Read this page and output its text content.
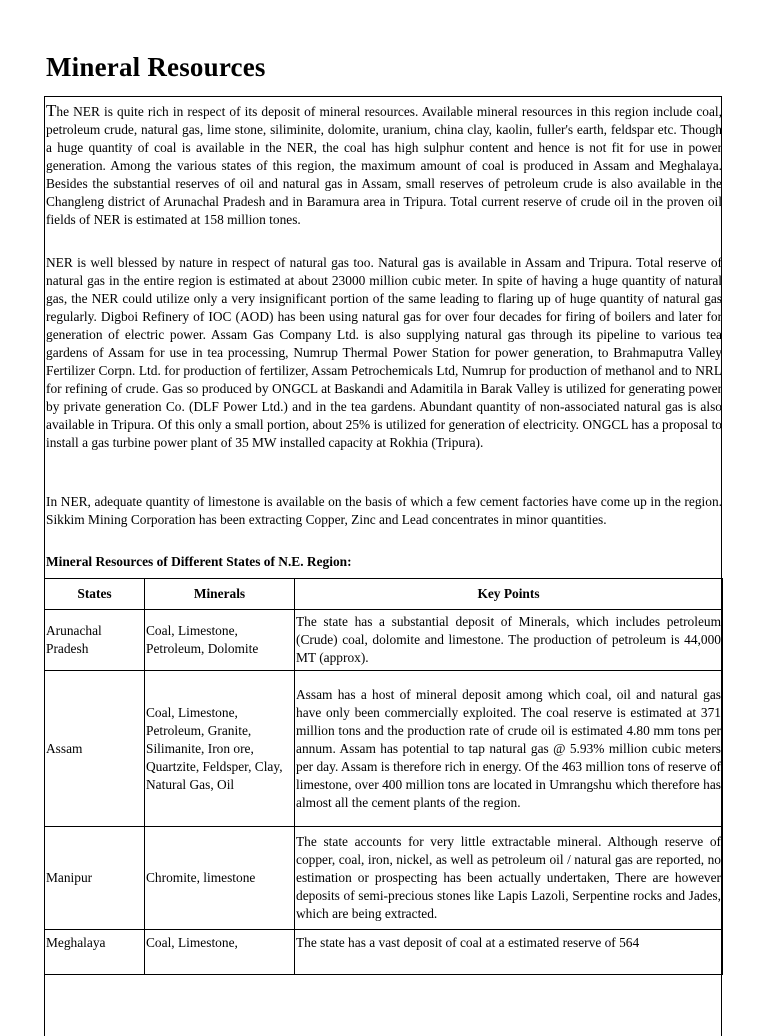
Mineral Resources

The NER is quite rich in respect of its deposit of mineral resources. Available mineral resources in this region include coal, petroleum crude, natural gas, lime stone, siliminite, dolomite, uranium, china clay, kaolin, fuller's earth, feldspar etc. Though a huge quantity of coal is available in the NER, the coal has high sulphur content and hence is not fit for use in power generation. Among the various states of this region, the maximum amount of coal is produced in Assam and Meghalaya. Besides the substantial reserves of oil and natural gas in Assam, small reserves of petroleum crude is also available in the Changleng district of Arunachal Pradesh and in Baramura area in Tripura. Total current reserve of crude oil in the proven oil fields of NER is estimated at 158 million tones.

NER is well blessed by nature in respect of natural gas too. Natural gas is available in Assam and Tripura. Total reserve of natural gas in the entire region is estimated at about 23000 million cubic meter. In spite of having a huge quantity of natural gas, the NER could utilize only a very insignificant portion of the same leading to flaring up of huge quantity of natural gas regularly. Digboi Refinery of IOC (AOD) has been using natural gas for over four decades for firing of boilers and later for generation of electric power. Assam Gas Company Ltd. is also supplying natural gas through its pipeline to various tea gardens of Assam for use in tea processing, Numrup Thermal Power Station for power generation, to Brahmaputra Valley Fertilizer Corpn. Ltd. for production of fertilizer, Assam Petrochemicals Ltd, Numrup for production of methanol and to NRL for refining of crude. Gas so produced by ONGCL at Baskandi and Adamitila in Barak Valley is utilized for generating power by private generation Co. (DLF Power Ltd.) and in the tea gardens. Abundant quantity of non-associated natural gas is also available in Tripura. Of this only a small portion, about 25% is utilized for generation of electricity. ONGCL has a proposal to install a gas turbine power plant of 35 MW installed capacity at Rokhia (Tripura).

In NER, adequate quantity of limestone is available on the basis of which a few cement factories have come up in the region. Sikkim Mining Corporation has been extracting Copper, Zinc and Lead concentrates in minor quantities.

Mineral Resources of Different States of N.E. Region:

States	Minerals	Key Points
Arunachal Pradesh	Coal, Limestone, Petroleum, Dolomite	The state has a substantial deposit of Minerals, which includes petroleum (Crude) coal, dolomite and limestone. The production of petroleum is 44,000 MT (approx).
Assam	Coal, Limestone, Petroleum, Granite, Silimanite, Iron ore, Quartzite, Feldsper, Clay, Natural Gas, Oil	Assam has a host of mineral deposit among which coal, oil and natural gas have only been commercially exploited. The coal reserve is estimated at 371 million tons and the production rate of crude oil is estimated 4.80 mm tons per annum. Assam has potential to tap natural gas @ 5.93% million cubic meters per day. Assam is therefore rich in energy. Of the 463 million tons of reserve of limestone, over 400 million tons are located in Umrangshu which therefore has almost all the cement plants of the region.
Manipur	Chromite, limestone	The state accounts for very little extractable mineral. Although reserve of copper, coal, iron, nickel, as well as petroleum oil / natural gas are reported, no estimation or prospecting has been actually undertaken, There are however deposits of semi-precious stones like Lapis Lazoli, Serpentine rocks and Jades, which are being extracted.
Meghalaya	Coal, Limestone,	The state has a vast deposit of coal at a estimated reserve of 564
